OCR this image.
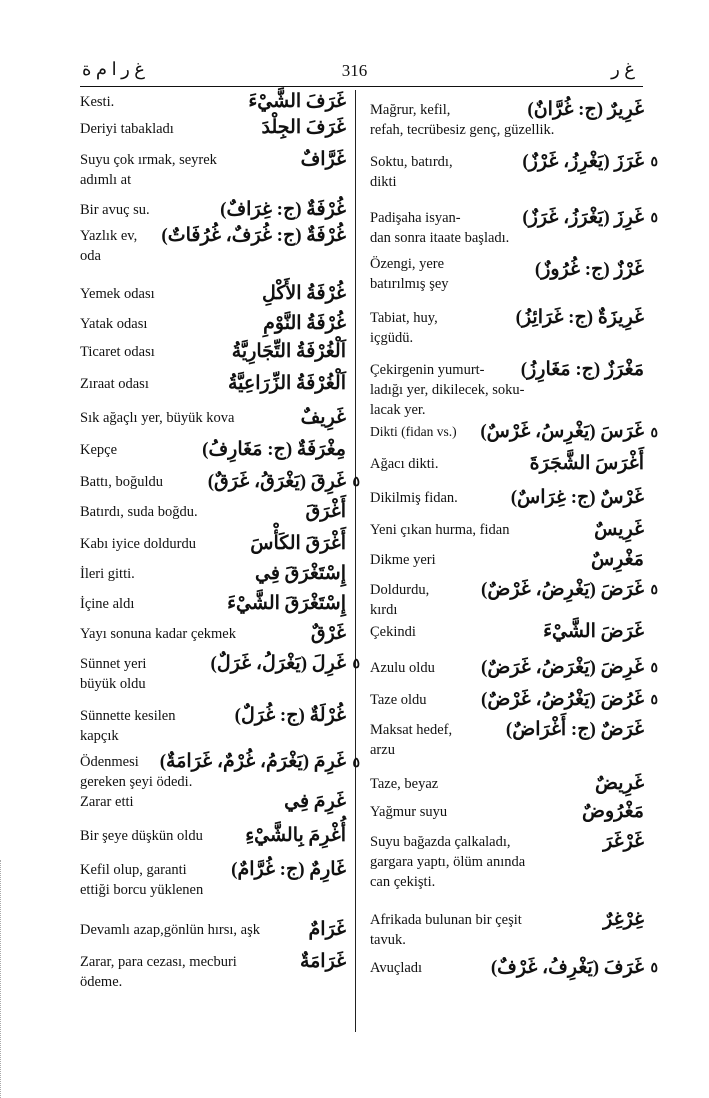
غ ر ا م ة	316	غ ر
Kesti.	غَرَفَ الشَّيْءَ
Deriyi tabakladı	غَرَفَ الجِلْدَ
Suyu çok ırmak, seyrek
adımlı at
غَرَّافٌ
Bir avuç su.	غُرْفَةٌ (ج: غِرَافٌ)
Yazlık ev,
oda
غُرْفَةٌ (ج: غُرَفٌ، غُرُفَاتٌ)
Yemek odası	غُرْفَةُ الأَكْلِ
Yatak odası	غُرْفَةُ النَّوْمِ
Ticaret odası	اَلْغُرْفَةُ التِّجَارِيَّةُ
Zıraat odası	اَلْغُرْفَةُ الزِّرَاعِيَّةُ
Sık ağaçlı yer, büyük kova	غَرِيفٌ
Kepçe	مِغْرَفَةٌ (ج: مَغَارِفُ)
Battı, boğuldu	غَرِقَ (يَغْرَقُ، غَرَقٌ) ٥
Batırdı, suda boğdu.	أَغْرَقَ
Kabı iyice doldurdu	أَغْرَقَ الكَأْسَ
İleri gitti.	إِسْتَغْرَقَ فِي
İçine aldı	إِسْتَغْرَقَ الشَّيْءَ
Yayı sonuna kadar çekmek	غَرْقٌ
Sünnet yeri
büyük oldu
غَرِلَ (يَغْرَلُ، غَرَلٌ) ٥
Sünnette kesilen
kapçık
غُرْلَةٌ (ج: غُرَلٌ)
Ödenmesi
gereken şeyi ödedi.
غَرِمَ (يَغْرَمُ، غُرْمٌ، غَرَامَةٌ) ٥
Zarar etti	غَرِمَ فِي
Bir şeye düşkün oldu	أُغْرِمَ بِالشَّيْءِ
Kefil olup, garanti
ettiği borcu yüklenen
غَارِمٌ (ج: غُرَّامٌ)
Devamlı azap,gönlün hırsı, aşk	غَرَامٌ
Zarar, para cezası, mecburi
ödeme.
غَرَامَةٌ
Mağrur, kefil,
refah, tecrübesiz genç, güzellik.
غَرِيرٌ (ج: غُرَّانٌ)
Soktu, batırdı,
dikti
غَرَزَ (يَغْرِزُ، غَرْزٌ) ٥
Padişaha isyan-
dan sonra itaate başladı.
غَرِزَ (يَغْرَزُ، غَرَزٌ) ٥
Özengi, yere
batırılmış şey
غَرْزٌ (ج: غُرُوزٌ)
Tabiat, huy,
içgüdü.
غَرِيزَةٌ (ج: غَرَائِزُ)
Çekirgenin yumurt-
ladığı yer, dikilecek, soku-
lacak yer.
مَغْرَزٌ (ج: مَغَارِزُ)
Dikti (fidan vs.)	غَرَسَ (يَغْرِسُ، غَرْسٌ) ٥
Ağacı dikti.	أَغْرَسَ الشَّجَرَةَ
Dikilmiş fidan.	غَرْسٌ (ج: غِرَاسٌ)
Yeni çıkan hurma, fidan	غَرِيسٌ
Dikme yeri	مَغْرِسٌ
Doldurdu,
kırdı
غَرَضَ (يَغْرِضُ، غَرْضٌ) ٥
Çekindi	غَرَضَ الشَّيْءَ
Azulu oldu	غَرِضَ (يَغْرَضُ، غَرَضٌ) ٥
Taze oldu	غَرُضَ (يَغْرُضُ، غَرْضٌ) ٥
Maksat hedef,
arzu
غَرَضٌ (ج: أَغْرَاضٌ)
Taze, beyaz	غَرِيضٌ
Yağmur suyu	مَغْرُوضٌ
Suyu bağazda çalkaladı,
gargara yaptı, ölüm anında
can çekişti.
غَرْغَرَ
Afrikada bulunan bir çeşit
tavuk.
غِرْغِرٌ
Avuçladı	غَرَفَ (يَغْرِفُ، غَرْفٌ) ٥
